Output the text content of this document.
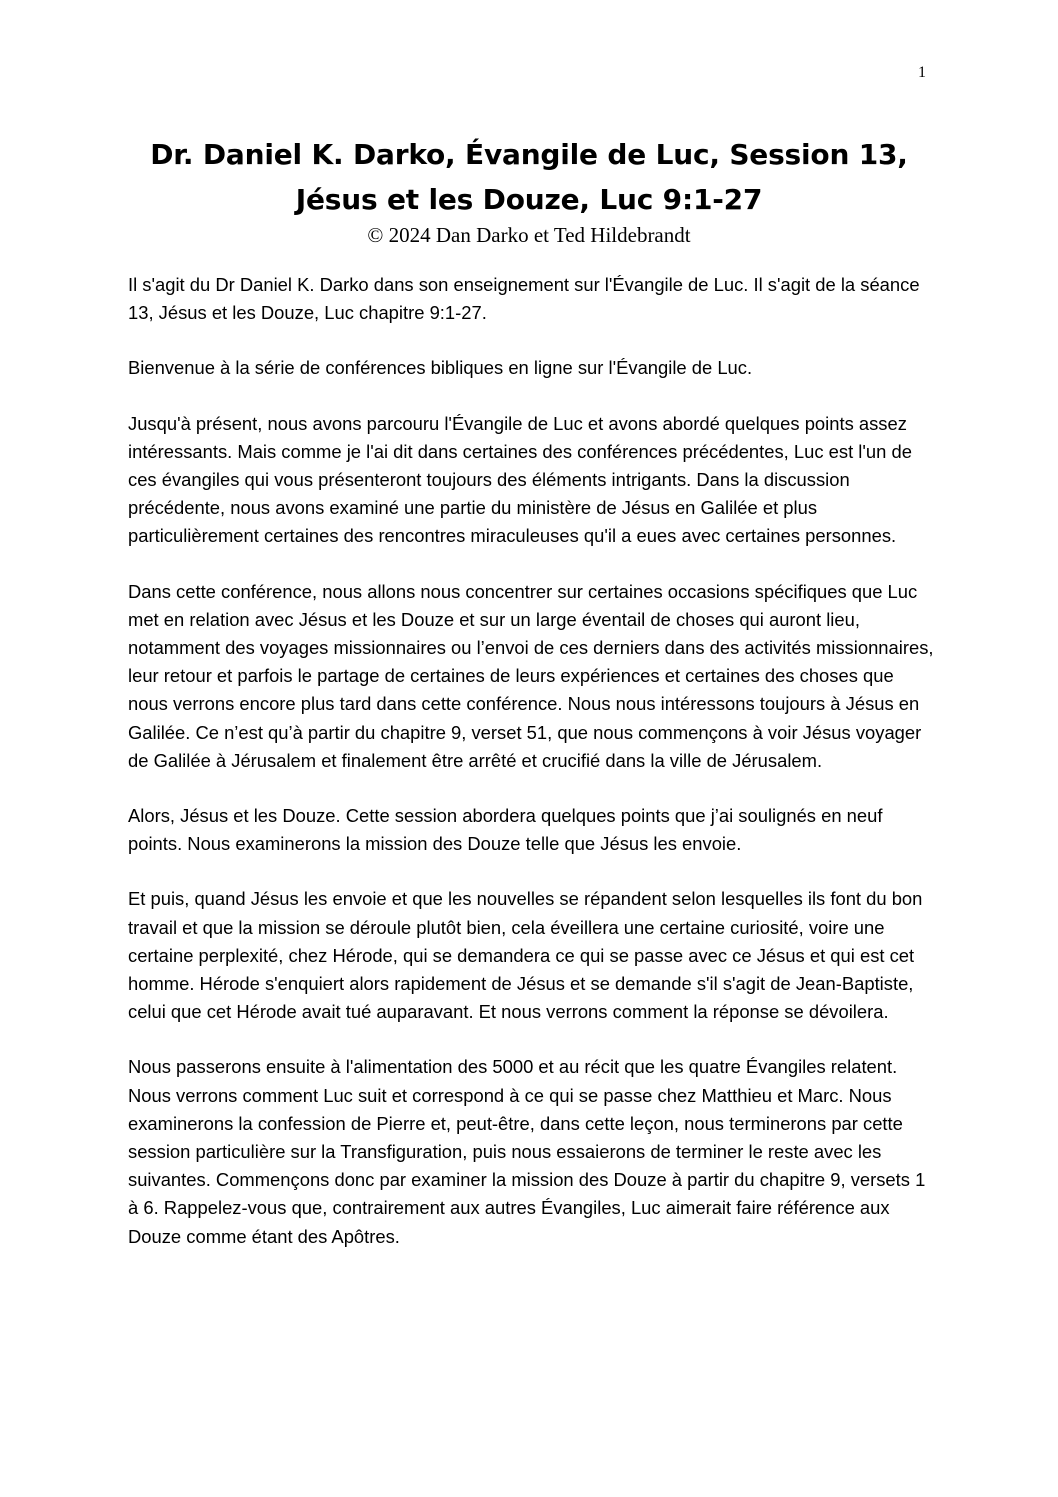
1
Dr. Daniel K. Darko, Évangile de Luc, Session 13,
Jésus et les Douze, Luc 9:1-27
© 2024 Dan Darko et Ted Hildebrandt

Il s'agit du Dr Daniel K. Darko dans son enseignement sur l'Évangile de Luc. Il s'agit de la séance 13, Jésus et les Douze, Luc chapitre 9:1-27.

Bienvenue à la série de conférences bibliques en ligne sur l'Évangile de Luc.

Jusqu'à présent, nous avons parcouru l'Évangile de Luc et avons abordé quelques points assez intéressants. Mais comme je l'ai dit dans certaines des conférences précédentes, Luc est l'un de ces évangiles qui vous présenteront toujours des éléments intrigants. Dans la discussion précédente, nous avons examiné une partie du ministère de Jésus en Galilée et plus particulièrement certaines des rencontres miraculeuses qu'il a eues avec certaines personnes.

Dans cette conférence, nous allons nous concentrer sur certaines occasions spécifiques que Luc met en relation avec Jésus et les Douze et sur un large éventail de choses qui auront lieu, notamment des voyages missionnaires ou l’envoi de ces derniers dans des activités missionnaires, leur retour et parfois le partage de certaines de leurs expériences et certaines des choses que nous verrons encore plus tard dans cette conférence. Nous nous intéressons toujours à Jésus en Galilée. Ce n’est qu’à partir du chapitre 9, verset 51, que nous commençons à voir Jésus voyager de Galilée à Jérusalem et finalement être arrêté et crucifié dans la ville de Jérusalem.

Alors, Jésus et les Douze. Cette session abordera quelques points que j’ai soulignés en neuf points. Nous examinerons la mission des Douze telle que Jésus les envoie.

Et puis, quand Jésus les envoie et que les nouvelles se répandent selon lesquelles ils font du bon travail et que la mission se déroule plutôt bien, cela éveillera une certaine curiosité, voire une certaine perplexité, chez Hérode, qui se demandera ce qui se passe avec ce Jésus et qui est cet homme. Hérode s'enquiert alors rapidement de Jésus et se demande s'il s'agit de Jean-Baptiste, celui que cet Hérode avait tué auparavant. Et nous verrons comment la réponse se dévoilera.

Nous passerons ensuite à l'alimentation des 5000 et au récit que les quatre Évangiles relatent. Nous verrons comment Luc suit et correspond à ce qui se passe chez Matthieu et Marc. Nous examinerons la confession de Pierre et, peut-être, dans cette leçon, nous terminerons par cette session particulière sur la Transfiguration, puis nous essaierons de terminer le reste avec les suivantes. Commençons donc par examiner la mission des Douze à partir du chapitre 9, versets 1 à 6. Rappelez-vous que, contrairement aux autres Évangiles, Luc aimerait faire référence aux Douze comme étant des Apôtres.
